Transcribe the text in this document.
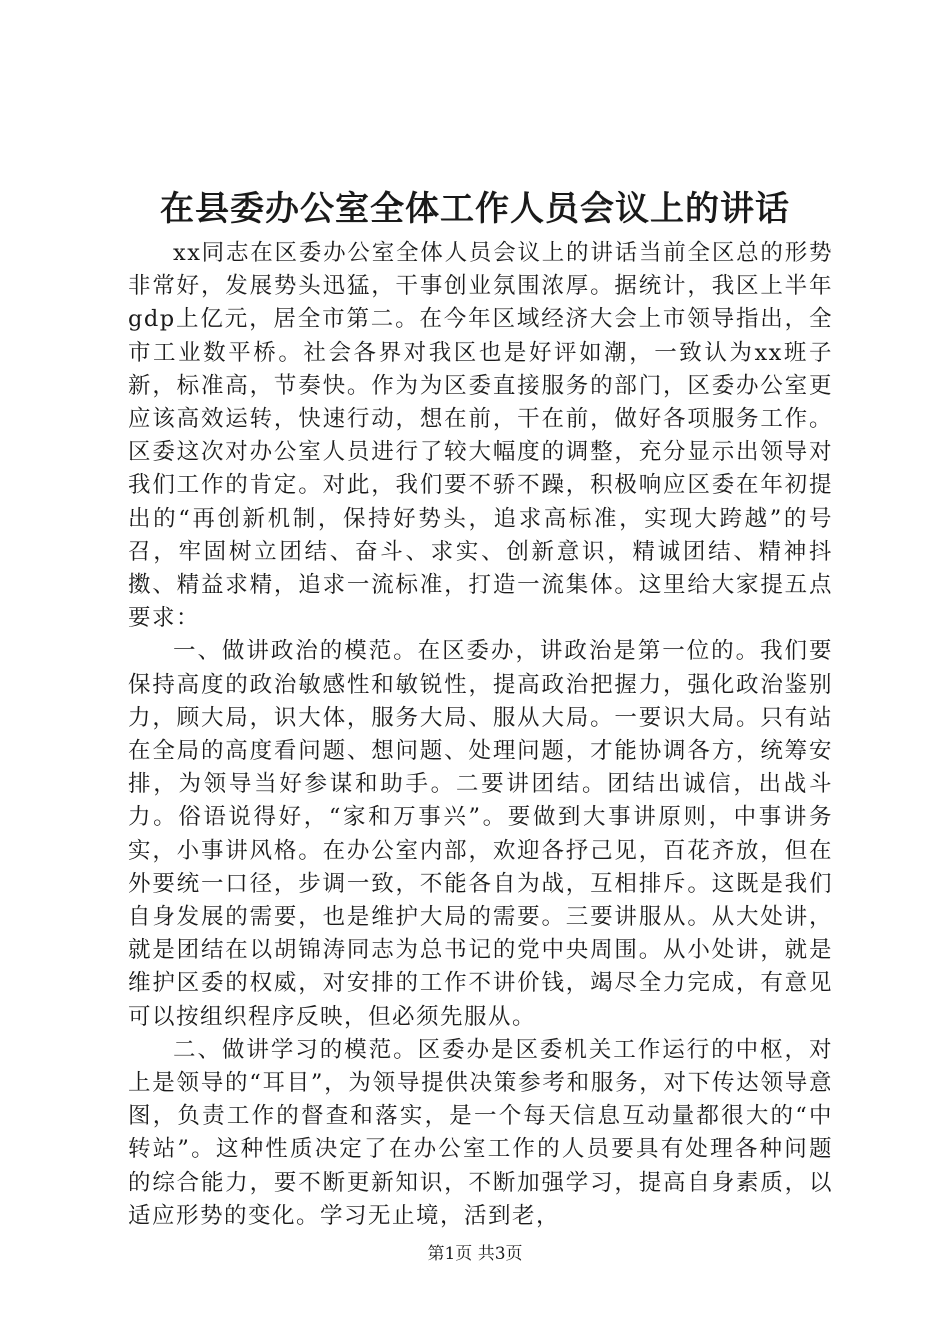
在县委办公室全体工作人员会议上的讲话

xx同志在区委办公室全体人员会议上的讲话当前全区总的形势非常好，发展势头迅猛，干事创业氛围浓厚。据统计，我区上半年gdp上亿元，居全市第二。在今年区域经济大会上市领导指出，全市工业数平桥。社会各界对我区也是好评如潮，一致认为xx班子新，标准高，节奏快。作为为区委直接服务的部门，区委办公室更应该高效运转，快速行动，想在前，干在前，做好各项服务工作。区委这次对办公室人员进行了较大幅度的调整，充分显示出领导对我们工作的肯定。对此，我们要不骄不躁，积极响应区委在年初提出的“再创新机制，保持好势头，追求高标准，实现大跨越”的号召，牢固树立团结、奋斗、求实、创新意识，精诚团结、精神抖擞、精益求精，追求一流标准，打造一流集体。这里给大家提五点要求：

一、做讲政治的模范。在区委办，讲政治是第一位的。我们要保持高度的政治敏感性和敏锐性，提高政治把握力，强化政治鉴别力，顾大局，识大体，服务大局、服从大局。一要识大局。只有站在全局的高度看问题、想问题、处理问题，才能协调各方，统筹安排，为领导当好参谋和助手。二要讲团结。团结出诚信，出战斗力。俗语说得好，“家和万事兴”。要做到大事讲原则，中事讲务实，小事讲风格。在办公室内部，欢迎各抒己见，百花齐放，但在外要统一口径，步调一致，不能各自为战，互相排斥。这既是我们自身发展的需要，也是维护大局的需要。三要讲服从。从大处讲，就是团结在以胡锦涛同志为总书记的党中央周围。从小处讲，就是维护区委的权威，对安排的工作不讲价钱，竭尽全力完成，有意见可以按组织程序反映，但必须先服从。

二、做讲学习的模范。区委办是区委机关工作运行的中枢，对上是领导的“耳目”，为领导提供决策参考和服务，对下传达领导意图，负责工作的督查和落实，是一个每天信息互动量都很大的“中转站”。这种性质决定了在办公室工作的人员要具有处理各种问题的综合能力，要不断更新知识，不断加强学习，提高自身素质，以适应形势的变化。学习无止境，活到老，

第1页 共3页
